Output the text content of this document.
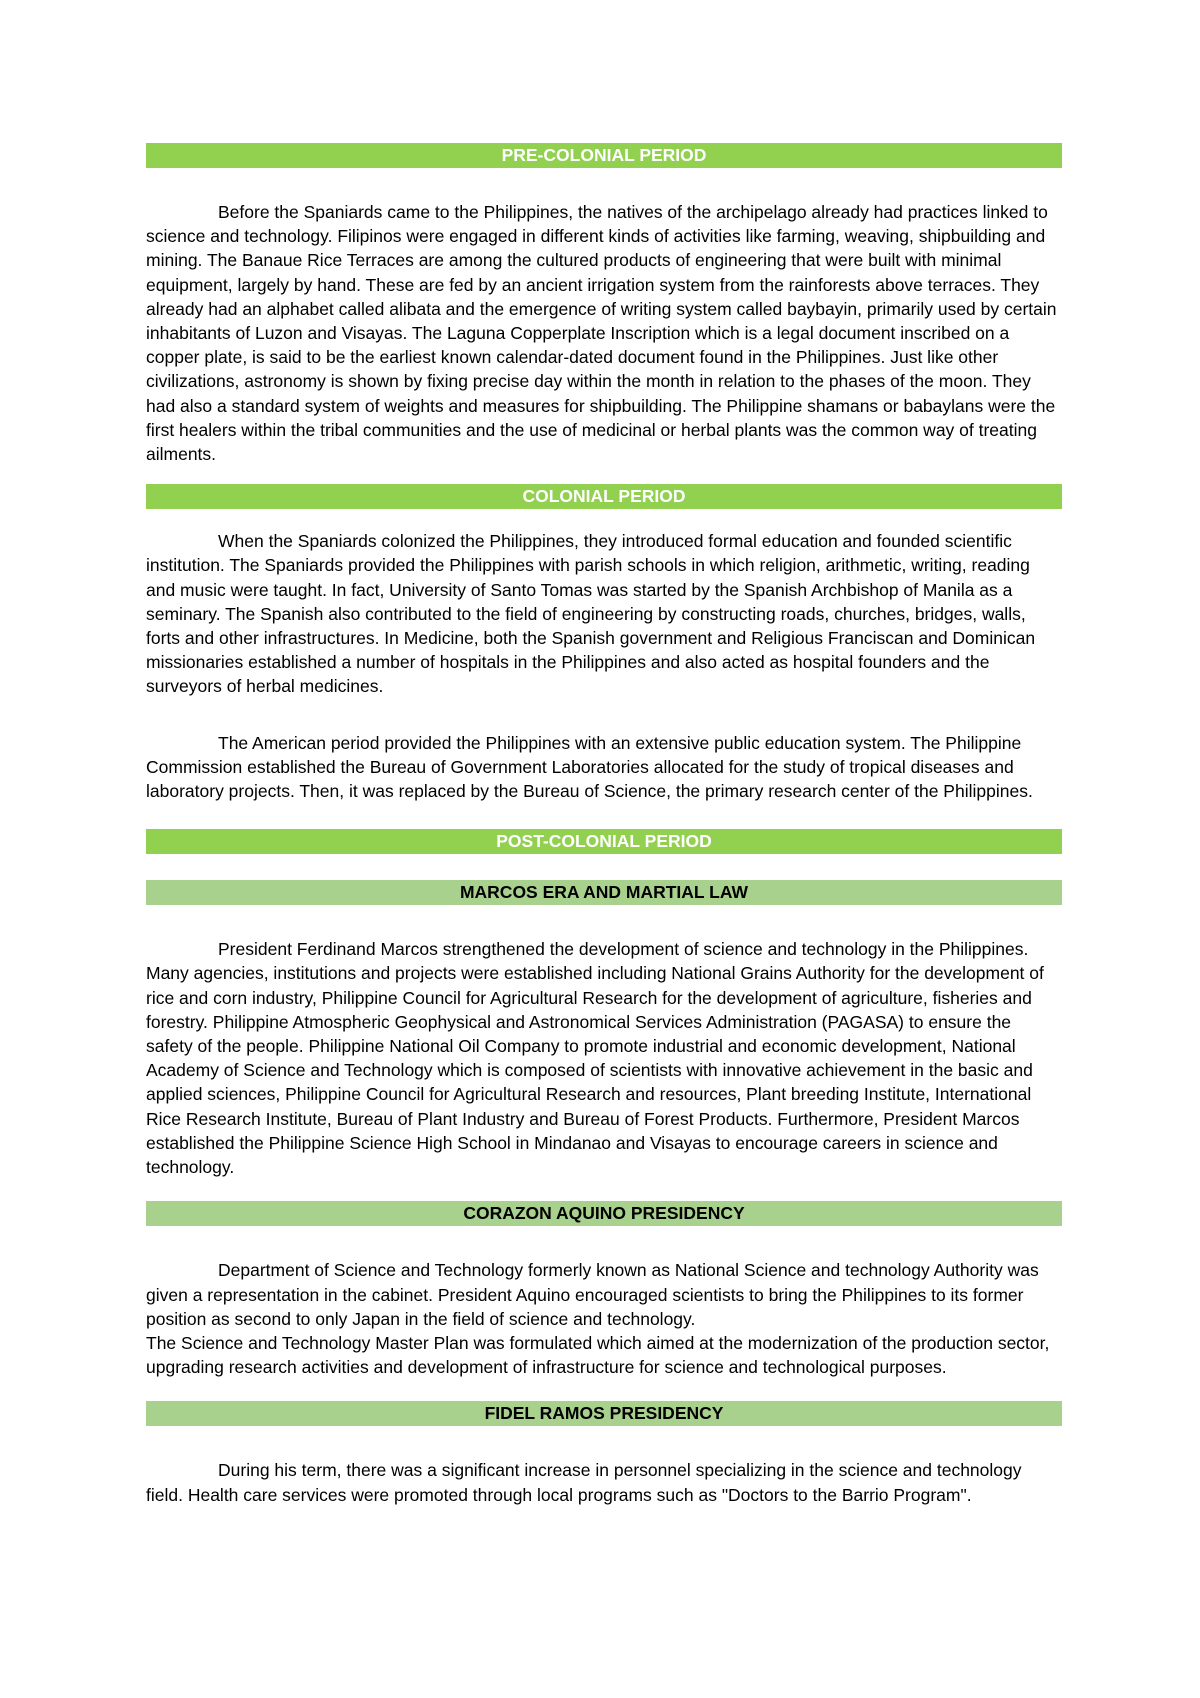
PRE-COLONIAL PERIOD

Before the Spaniards came to the Philippines, the natives of the archipelago already had practices linked to science and technology. Filipinos were engaged in different kinds of activities like farming, weaving, shipbuilding and mining. The Banaue Rice Terraces are among the cultured products of engineering that were built with minimal equipment, largely by hand. These are fed by an ancient irrigation system from the rainforests above terraces. They already had an alphabet called alibata and the emergence of writing system called baybayin, primarily used by certain inhabitants of Luzon and Visayas. The Laguna Copperplate Inscription which is a legal document inscribed on a copper plate, is said to be the earliest known calendar-dated document found in the Philippines. Just like other civilizations, astronomy is shown by fixing precise day within the month in relation to the phases of the moon. They had also a standard system of weights and measures for shipbuilding. The Philippine shamans or babaylans were the first healers within the tribal communities and the use of medicinal or herbal plants was the common way of treating ailments.

COLONIAL PERIOD

When the Spaniards colonized the Philippines, they introduced formal education and founded scientific institution. The Spaniards provided the Philippines with parish schools in which religion, arithmetic, writing, reading and music were taught. In fact, University of Santo Tomas was started by the Spanish Archbishop of Manila as a seminary. The Spanish also contributed to the field of engineering by constructing roads, churches, bridges, walls, forts and other infrastructures. In Medicine, both the Spanish government and Religious Franciscan and Dominican missionaries established a number of hospitals in the Philippines and also acted as hospital founders and the surveyors of herbal medicines.

The American period provided the Philippines with an extensive public education system. The Philippine Commission established the Bureau of Government Laboratories allocated for the study of tropical diseases and laboratory projects. Then, it was replaced by the Bureau of Science, the primary research center of the Philippines.

POST-COLONIAL PERIOD
MARCOS ERA AND MARTIAL LAW

President Ferdinand Marcos strengthened the development of science and technology in the Philippines. Many agencies, institutions and projects were established including National Grains Authority for the development of rice and corn industry, Philippine Council for Agricultural Research for the development of agriculture, fisheries and forestry. Philippine Atmospheric Geophysical and Astronomical Services Administration (PAGASA) to ensure the safety of the people. Philippine National Oil Company to promote industrial and economic development, National Academy of Science and Technology which is composed of scientists with innovative achievement in the basic and applied sciences, Philippine Council for Agricultural Research and resources, Plant breeding Institute, International Rice Research Institute, Bureau of Plant Industry and Bureau of Forest Products. Furthermore, President Marcos established the Philippine Science High School in Mindanao and Visayas to encourage careers in science and technology.

CORAZON AQUINO PRESIDENCY

Department of Science and Technology formerly known as National Science and technology Authority was given a representation in the cabinet. President Aquino encouraged scientists to bring the Philippines to its former position as second to only Japan in the field of science and technology.

The Science and Technology Master Plan was formulated which aimed at the modernization of the production sector, upgrading research activities and development of infrastructure for science and technological purposes.

FIDEL RAMOS PRESIDENCY

During his term, there was a significant increase in personnel specializing in the science and technology field. Health care services were promoted through local programs such as "Doctors to the Barrio Program".
